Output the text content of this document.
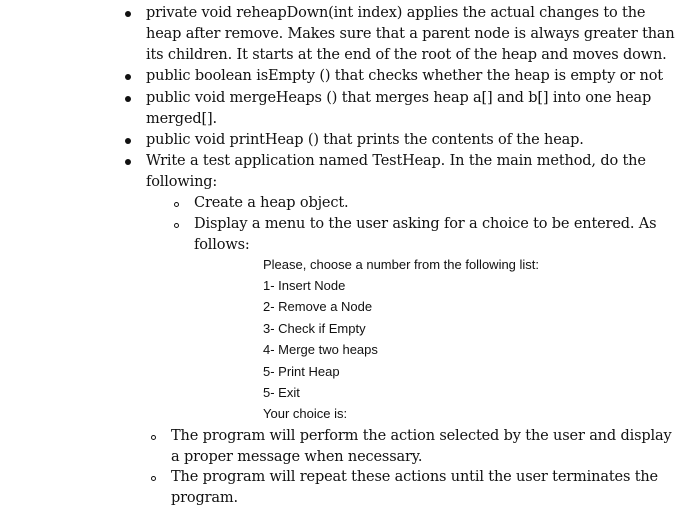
private void reheapDown(int index) applies the actual changes to the
heap after remove. Makes sure that a parent node is always greater than
its children. It starts at the end of the root of the heap and moves down.
public boolean isEmpty () that checks whether the heap is empty or not
public void mergeHeaps () that merges heap a[] and b[] into one heap
merged[].
public void printHeap () that prints the contents of the heap.
Write a test application named TestHeap. In the main method, do the
following:
Create a heap object.
Display a menu to the user asking for a choice to be entered. As
follows:
Please, choose a number from the following list:
1- Insert Node
2- Remove a Node
3- Check if Empty
4- Merge two heaps
5- Print Heap
5- Exit
Your choice is:
The program will perform the action selected by the user and display
a proper message when necessary.
The program will repeat these actions until the user terminates the
program.
